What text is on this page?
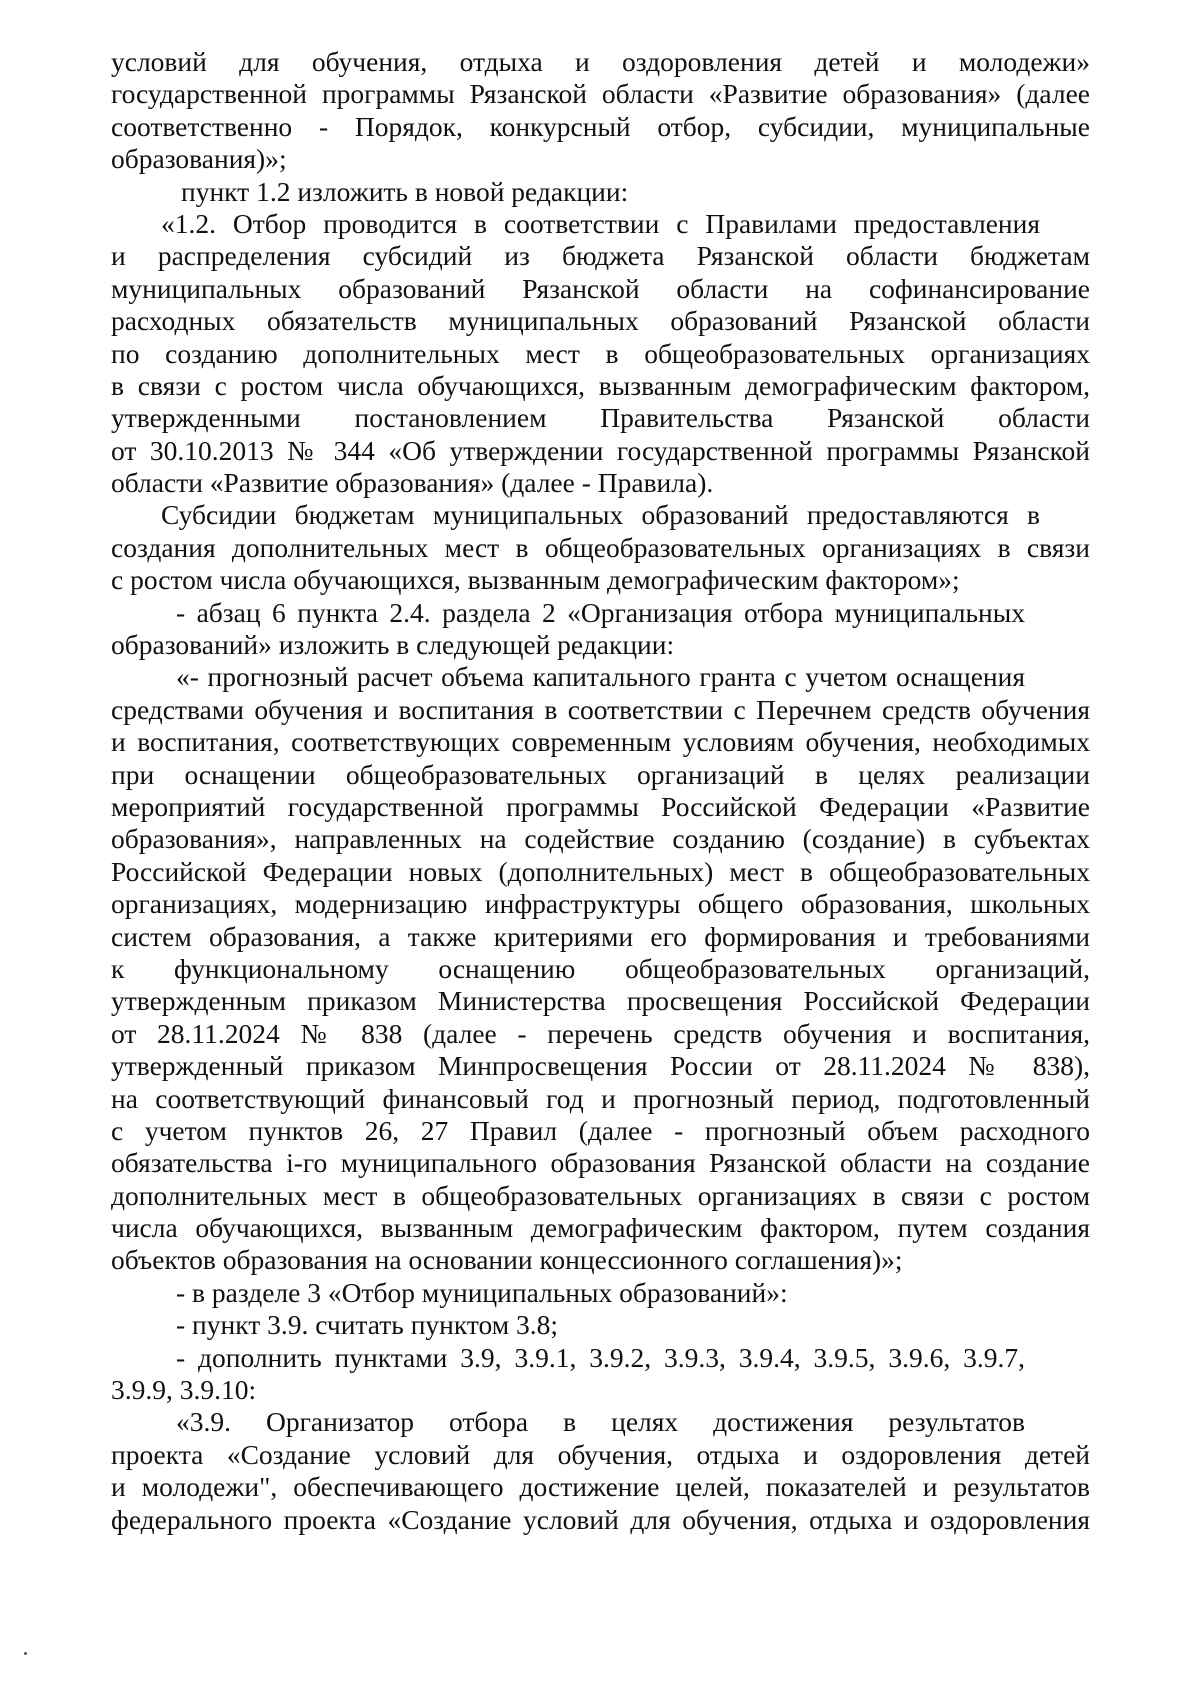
условий для обучения, отдыха и оздоровления детей и молодежи»
государственной программы Рязанской области «Развитие образования» (далее
соответственно - Порядок, конкурсный отбор, субсидии, муниципальные
образования)»;
пункт 1.2 изложить в новой редакции:
«1.2. Отбор проводится в соответствии с Правилами предоставления
и распределения субсидий из бюджета Рязанской области бюджетам
муниципальных образований Рязанской области на софинансирование
расходных обязательств муниципальных образований Рязанской области
по созданию дополнительных мест в общеобразовательных организациях
в связи с ростом числа обучающихся, вызванным демографическим фактором,
утвержденными постановлением Правительства Рязанской области
от 30.10.2013 № 344 «Об утверждении государственной программы Рязанской
области «Развитие образования» (далее - Правила).
Субсидии бюджетам муниципальных образований предоставляются в
создания дополнительных мест в общеобразовательных организациях в связи
с ростом числа обучающихся, вызванным демографическим фактором»;
- абзац 6 пункта 2.4. раздела 2 «Организация отбора муниципальных
образований» изложить в следующей редакции:
«- прогнозный расчет объема капитального гранта с учетом оснащения
средствами обучения и воспитания в соответствии с Перечнем средств обучения
и воспитания, соответствующих современным условиям обучения, необходимых
при оснащении общеобразовательных организаций в целях реализации
мероприятий государственной программы Российской Федерации «Развитие
образования», направленных на содействие созданию (создание) в субъектах
Российской Федерации новых (дополнительных) мест в общеобразовательных
организациях, модернизацию инфраструктуры общего образования, школьных
систем образования, а также критериями его формирования и требованиями
к функциональному оснащению общеобразовательных организаций,
утвержденным приказом Министерства просвещения Российской Федерации
от 28.11.2024 № 838 (далее - перечень средств обучения и воспитания,
утвержденный приказом Минпросвещения России от 28.11.2024 № 838),
на соответствующий финансовый год и прогнозный период, подготовленный
с учетом пунктов 26, 27 Правил (далее - прогнозный объем расходного
обязательства i-го муниципального образования Рязанской области на создание
дополнительных мест в общеобразовательных организациях в связи с ростом
числа обучающихся, вызванным демографическим фактором, путем создания
объектов образования на основании концессионного соглашения)»;
- в разделе 3 «Отбор муниципальных образований»:
- пункт 3.9. считать пунктом 3.8;
- дополнить пунктами 3.9, 3.9.1, 3.9.2, 3.9.3, 3.9.4, 3.9.5, 3.9.6, 3.9.7,
3.9.9, 3.9.10:
«3.9. Организатор отбора в целях достижения результатов
проекта «Создание условий для обучения, отдыха и оздоровления детей
и молодежи", обеспечивающего достижение целей, показателей и результатов
федерального проекта «Создание условий для обучения, отдыха и оздоровления
